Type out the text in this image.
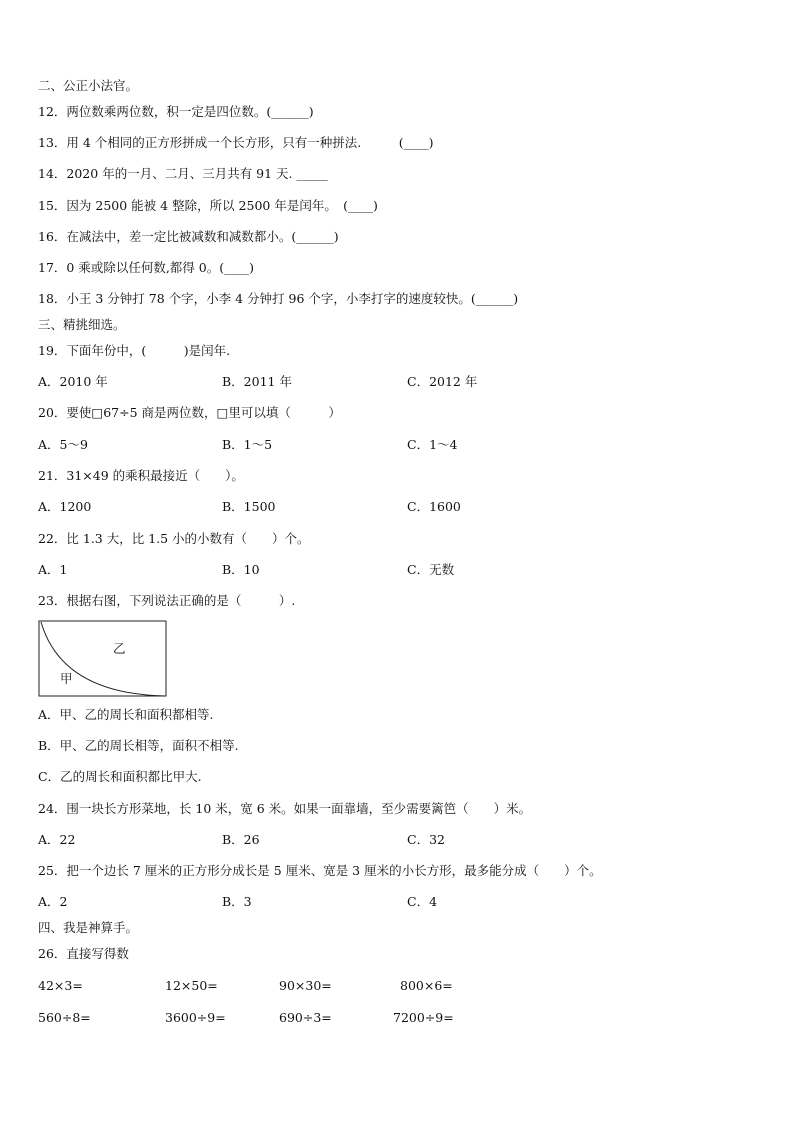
二、公正小法官。
12．两位数乘两位数，积一定是四位数。(______)
13．用 4 个相同的正方形拼成一个长方形，只有一种拼法.　　　(____)
14．2020 年的一月、二月、三月共有 91 天. _____
15．因为 2500 能被 4 整除，所以 2500 年是闰年。　(____)
16．在减法中，差一定比被减数和减数都小。(______)
17．0 乘或除以任何数,都得 0。(____)
18．小王 3 分钟打 78 个字，小李 4 分钟打 96 个字，小李打字的速度较快。(______)
三、精挑细选。
19．下面年份中，(　　　)是闰年.
A．2010 年	B．2011 年	C．2012 年
20．要使□67÷5 商是两位数，□里可以填（　　　）
A．5～9	B．1～5	C．1～4
21．31×49 的乘积最接近（　　）。
A．1200	B．1500	C．1600
22．比 1.3 大，比 1.5 小的小数有（　　）个。
A．1	B．10	C．无数
23．根据右图，下列说法正确的是（　　　）.
乙
甲
A．甲、乙的周长和面积都相等.
B．甲、乙的周长相等，面积不相等.
C．乙的周长和面积都比甲大.
24．围一块长方形菜地，长 10 米，宽 6 米。如果一面靠墙，至少需要篱笆（　　）米。
A．22	B．26	C．32
25．把一个边长 7 厘米的正方形分成长是 5 厘米、宽是 3 厘米的小长方形，最多能分成（　　）个。
A．2	B．3	C．4
四、我是神算手。
26．直接写得数
42×3=	12×50=	90×30=	800×6=
560÷8=	3600÷9=	690÷3=	7200÷9=
